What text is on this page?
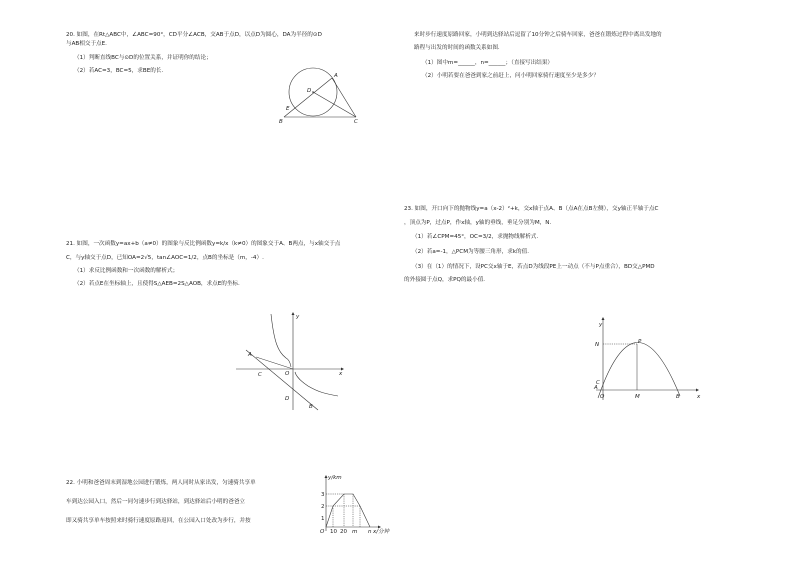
20. 如图，在Rt△ABC中，∠ABC=90°，CD平分∠ACB，交AB于点D，以点D为圆心，DA为半径的⊙D

与AB相交于点E.

（1）判断直线BC与⊙D的位置关系，并证明你的结论；

（2）若AC=3，BC=5，求BE的长.

A
B	C
D
E

21. 如图，一次函数y=ax+b（a≠0）的图象与反比例函数y=k/x（k≠0）的图象交于A、B两点，与x轴交于点

C，与y轴交于点D，已知OA=2√5，tan∠AOC=1/2，点B的坐标是（m，-4）.

（1）求反比例函数和一次函数的解析式；

（2）若点E在坐标轴上，且使得S△AEB=2S△AOB，求点E的坐标.

A
B
C
D
O	x
y

22. 小明和爸爸周末到湿地公园进行锻炼，两人同时从家出发，匀速骑共享单

车到达公园入口，然后一同匀速步行到达驿站，到达驿站后小明的爸爸立

即又骑共享单车按照来时骑行速度原路返回，在公园入口处改为步行，并按

y/km
3
2
1
O 10 20 m n x/分钟

来时步行速度原路回家，小明到达驿站后逗留了10分钟之后骑车回家，爸爸在锻炼过程中离出发地的

路程与出发的时间的函数关系如图.

（1）图中m=______，n=______；（直接写出结果）

（2）小明若要在爸爸到家之前赶上，问小明回家骑行速度至少是多少？

23. 如图，开口向下的抛物线y=a（x-2）²+k，交x轴于点A、B（点A在点B左侧），交y轴正半轴于点C

，顶点为P，过点P，作x轴，y轴的垂线，垂足分别为M，N.

（1）若∠CPM=45°，OC=3/2，求抛物线解析式.

（2）若a=-1，△PCM为等腰三角形，求k的值.

（3）在（1）的情况下，设PC交x轴于E，若点D为线段PE上一动点（不与P点重合），BD交△PMD

的外接圆于点Q，求PQ的最小值.

y
N	P
C
A
O	M	B	x
